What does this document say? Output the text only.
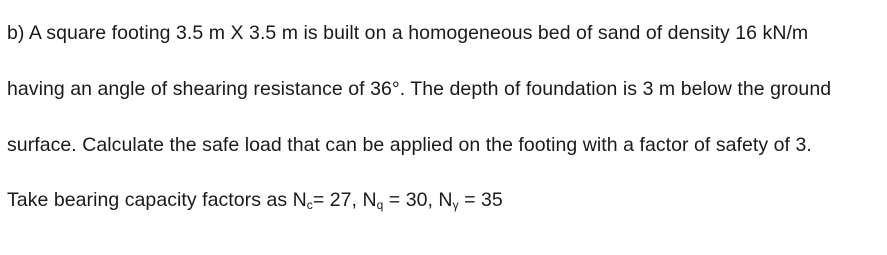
b) A square footing 3.5 m X 3.5 m is built on a homogeneous bed of sand of density 16 kN/m
having an angle of shearing resistance of 36°. The depth of foundation is 3 m below the ground
surface. Calculate the safe load that can be applied on the footing with a factor of safety of 3.
Take bearing capacity factors as $N_c= 27$, $N_q = 30$, $N_\gamma = 35$
